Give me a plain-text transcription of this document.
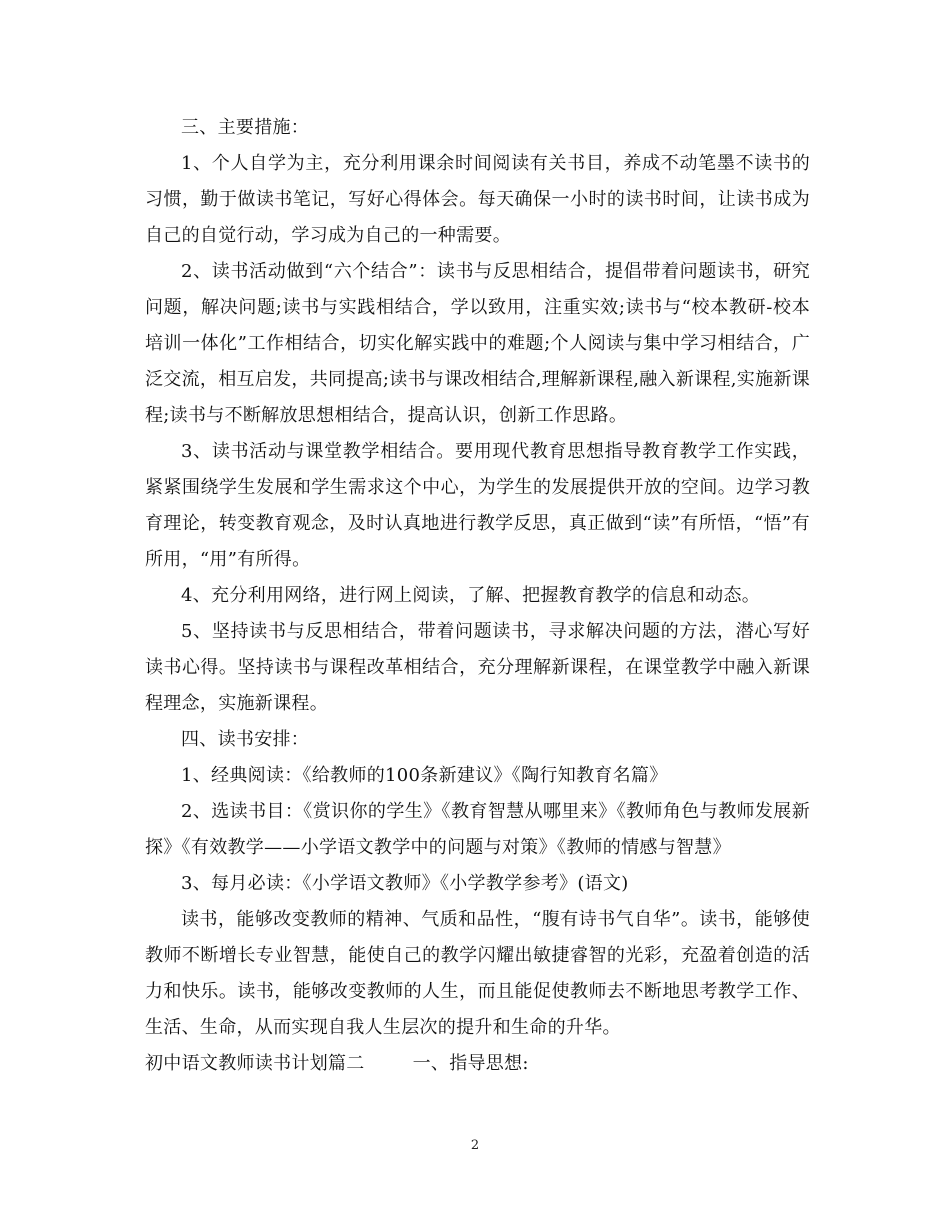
三、主要措施：

1、个人自学为主，充分利用课余时间阅读有关书目，养成不动笔墨不读书的习惯，勤于做读书笔记，写好心得体会。每天确保一小时的读书时间，让读书成为自己的自觉行动，学习成为自己的一种需要。

2、读书活动做到“六个结合”：读书与反思相结合，提倡带着问题读书，研究问题，解决问题;读书与实践相结合，学以致用，注重实效;读书与“校本教研-校本培训一体化”工作相结合，切实化解实践中的难题;个人阅读与集中学习相结合，广泛交流，相互启发，共同提高;读书与课改相结合,理解新课程,融入新课程,实施新课程;读书与不断解放思想相结合，提高认识，创新工作思路。

3、读书活动与课堂教学相结合。要用现代教育思想指导教育教学工作实践，紧紧围绕学生发展和学生需求这个中心，为学生的发展提供开放的空间。边学习教育理论，转变教育观念，及时认真地进行教学反思，真正做到“读”有所悟，“悟”有所用，“用”有所得。

4、充分利用网络，进行网上阅读，了解、把握教育教学的信息和动态。

5、坚持读书与反思相结合，带着问题读书，寻求解决问题的方法，潜心写好读书心得。坚持读书与课程改革相结合，充分理解新课程，在课堂教学中融入新课程理念，实施新课程。

四、读书安排：

1、经典阅读：《给教师的100条新建议》《陶行知教育名篇》

2、选读书目：《赏识你的学生》《教育智慧从哪里来》《教师角色与教师发展新探》《有效教学——小学语文教学中的问题与对策》《教师的情感与智慧》

3、每月必读：《小学语文教师》《小学教学参考》(语文)

读书，能够改变教师的精神、气质和品性，“腹有诗书气自华”。读书，能够使教师不断增长专业智慧，能使自己的教学闪耀出敏捷睿智的光彩，充盈着创造的活力和快乐。读书，能够改变教师的人生，而且能促使教师去不断地思考教学工作、生活、生命，从而实现自我人生层次的提升和生命的升华。

初中语文教师读书计划篇二	一、指导思想:

2
